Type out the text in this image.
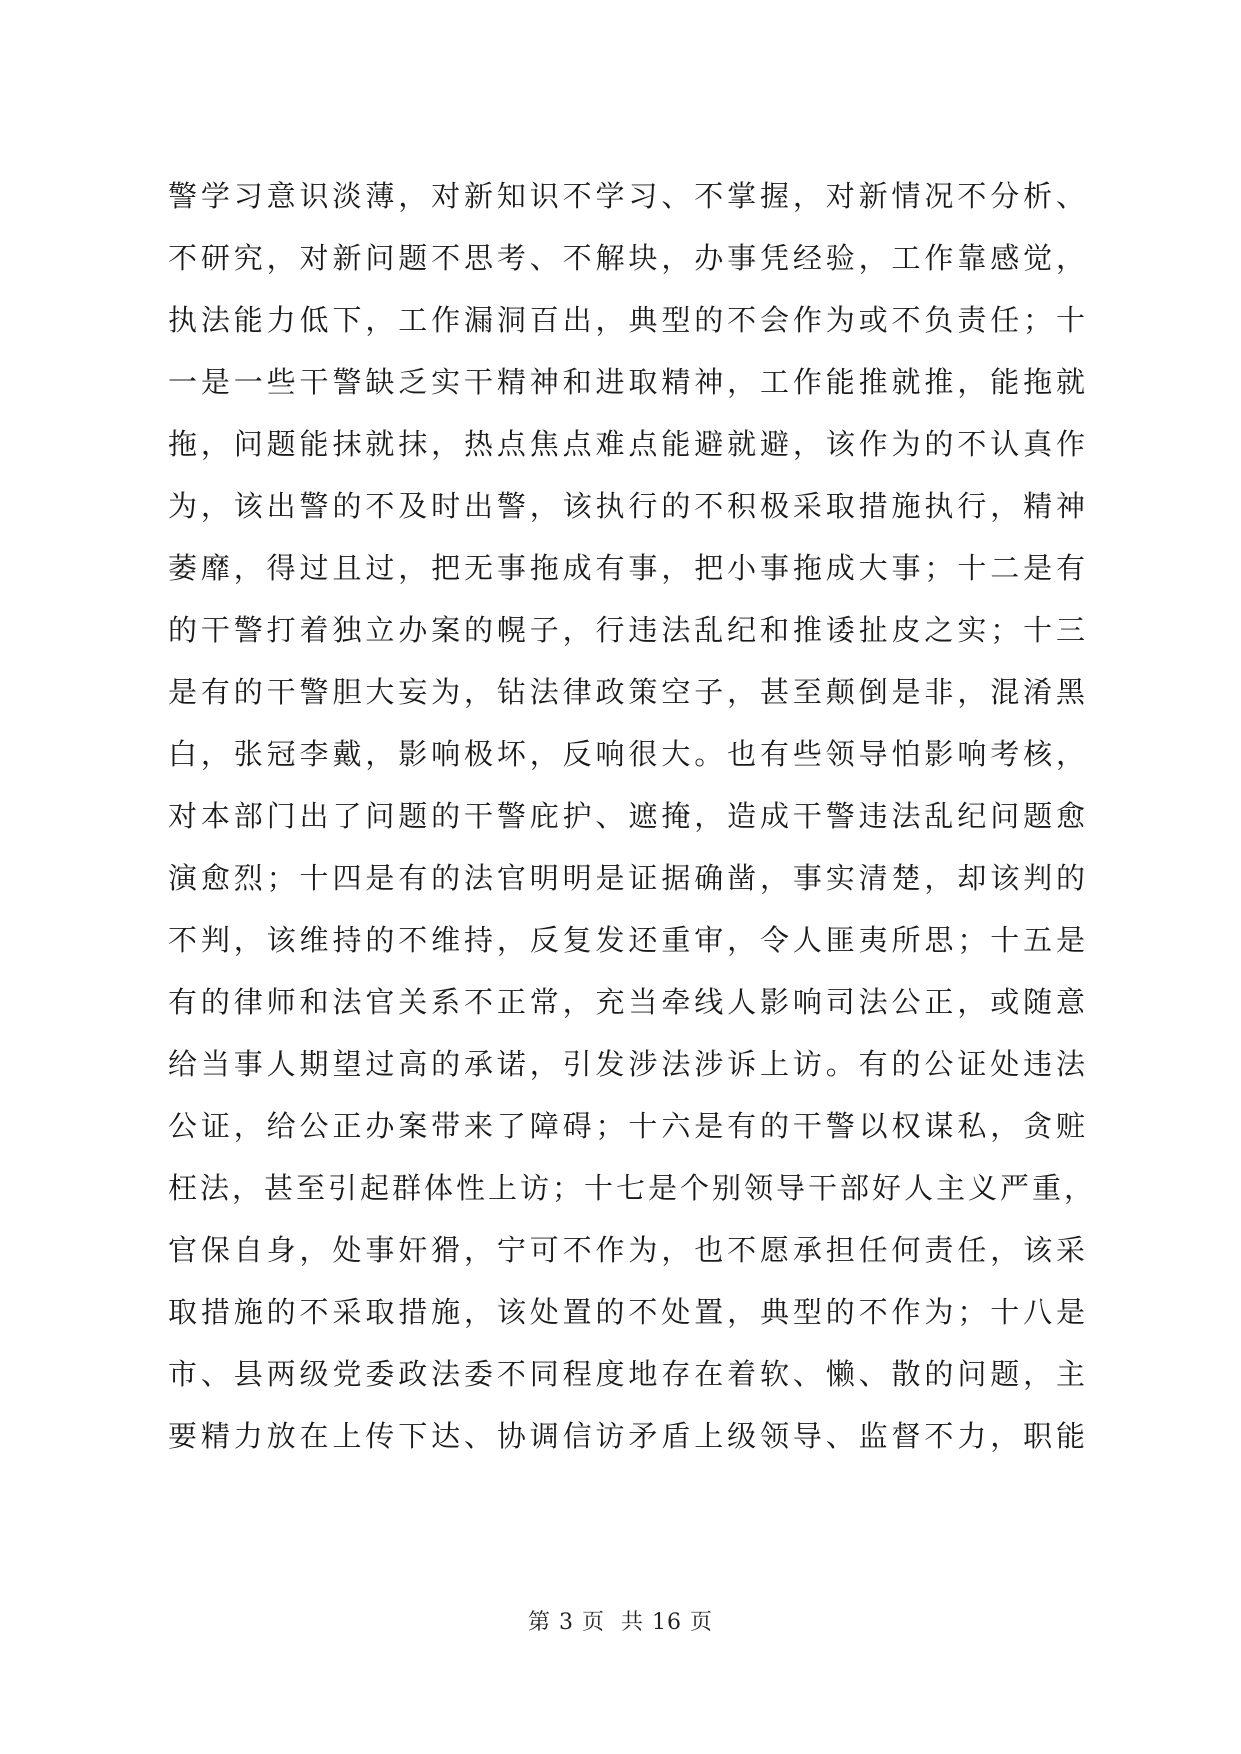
警学习意识淡薄，对新知识不学习、不掌握，对新情况不分析、
不研究，对新问题不思考、不解块，办事凭经验，工作靠感觉，
执法能力低下，工作漏洞百出，典型的不会作为或不负责任；十
一是一些干警缺乏实干精神和进取精神，工作能推就推，能拖就
拖，问题能抹就抹，热点焦点难点能避就避，该作为的不认真作
为，该出警的不及时出警，该执行的不积极采取措施执行，精神
萎靡，得过且过，把无事拖成有事，把小事拖成大事；十二是有
的干警打着独立办案的幌子，行违法乱纪和推诿扯皮之实；十三
是有的干警胆大妄为，钻法律政策空子，甚至颠倒是非，混淆黑
白，张冠李戴，影响极坏，反响很大。也有些领导怕影响考核，
对本部门出了问题的干警庇护、遮掩，造成干警违法乱纪问题愈
演愈烈；十四是有的法官明明是证据确凿，事实清楚，却该判的
不判，该维持的不维持，反复发还重审，令人匪夷所思；十五是
有的律师和法官关系不正常，充当牵线人影响司法公正，或随意
给当事人期望过高的承诺，引发涉法涉诉上访。有的公证处违法
公证，给公正办案带来了障碍；十六是有的干警以权谋私，贪赃
枉法，甚至引起群体性上访；十七是个别领导干部好人主义严重，
官保自身，处事奸猾，宁可不作为，也不愿承担任何责任，该采
取措施的不采取措施，该处置的不处置，典型的不作为；十八是
市、县两级党委政法委不同程度地存在着软、懒、散的问题，主
要精力放在上传下达、协调信访矛盾上级领导、监督不力，职能
第 3 页 共 16 页
